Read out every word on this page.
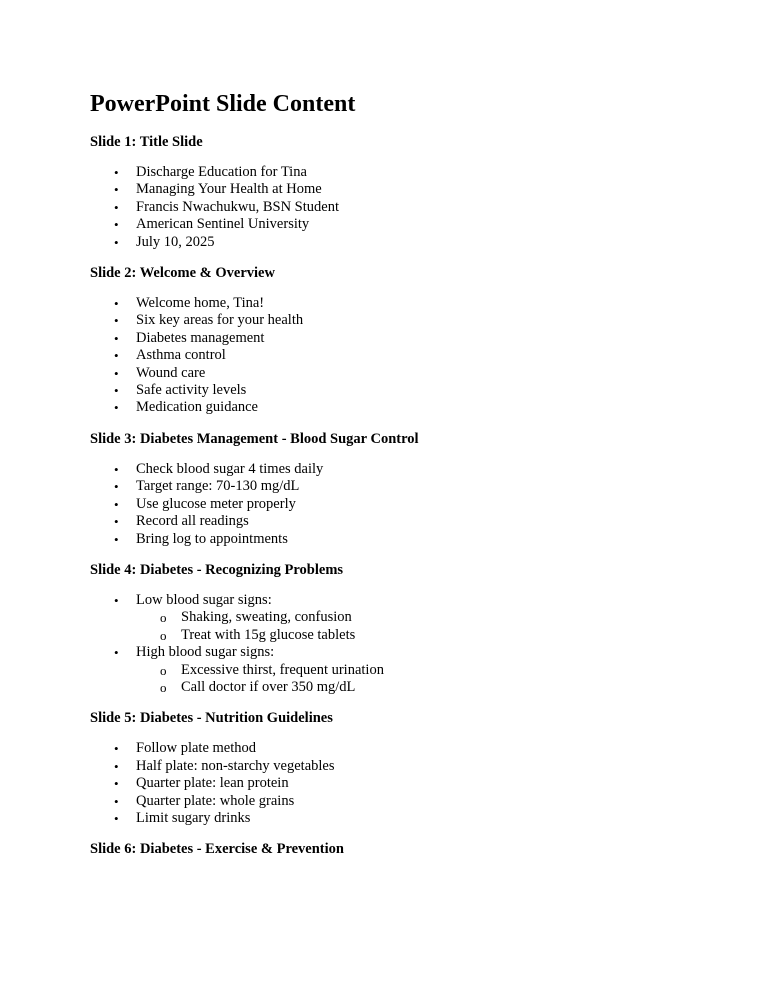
PowerPoint Slide Content
Slide 1: Title Slide
• Discharge Education for Tina
• Managing Your Health at Home
• Francis Nwachukwu, BSN Student
• American Sentinel University
• July 10, 2025
Slide 2: Welcome & Overview
• Welcome home, Tina!
• Six key areas for your health
• Diabetes management
• Asthma control
• Wound care
• Safe activity levels
• Medication guidance
Slide 3: Diabetes Management - Blood Sugar Control
• Check blood sugar 4 times daily
• Target range: 70-130 mg/dL
• Use glucose meter properly
• Record all readings
• Bring log to appointments
Slide 4: Diabetes - Recognizing Problems
• Low blood sugar signs:
o Shaking, sweating, confusion
o Treat with 15g glucose tablets
• High blood sugar signs:
o Excessive thirst, frequent urination
o Call doctor if over 350 mg/dL
Slide 5: Diabetes - Nutrition Guidelines
• Follow plate method
• Half plate: non-starchy vegetables
• Quarter plate: lean protein
• Quarter plate: whole grains
• Limit sugary drinks
Slide 6: Diabetes - Exercise & Prevention
